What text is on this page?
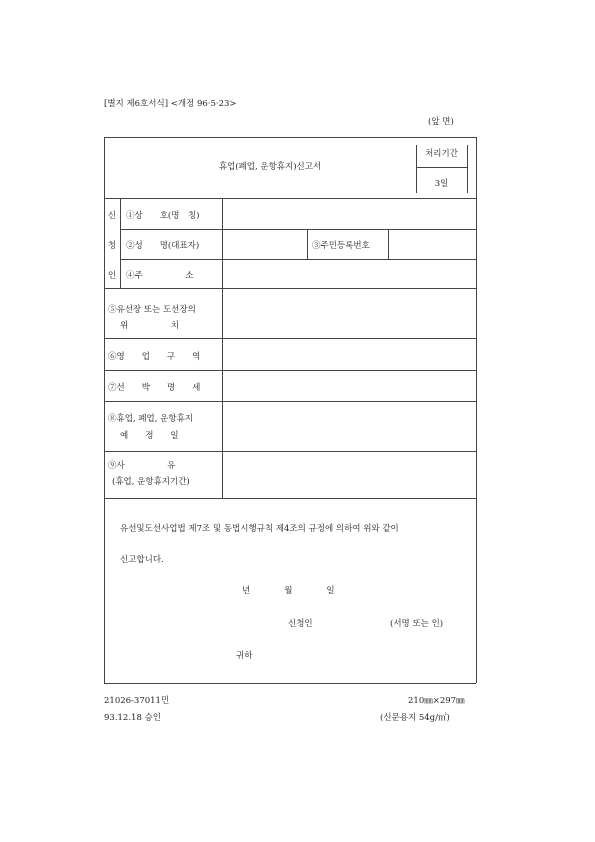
[별지 제6호서식] <개정 96·5·23>
(앞 면)
휴업(폐업, 운항휴지)신고서
처리기간
3일
신
청
인
①상　　호(명　칭)
②성　　명(대표자)	③주민등록번호
④주　　　　　소
⑤유선장 또는 도선장의
위　　　　　치
⑥영　　업　　구　　역
⑦선　　박　　명　　세
⑧휴업, 폐업, 운항휴지
예　　정　　일
⑨사　　　　　유
(휴업, 운항휴지기간)
유선및도선사업법 제7조 및 동법시행규칙 제4조의 규정에 의하여 위와 같이
신고합니다.
년　　　　월　　　　일
신청인	(서명 또는 인)
귀하
21026-37011민
93.12.18 승인
210㎜×297㎜
(신문용지 54g/㎡)
